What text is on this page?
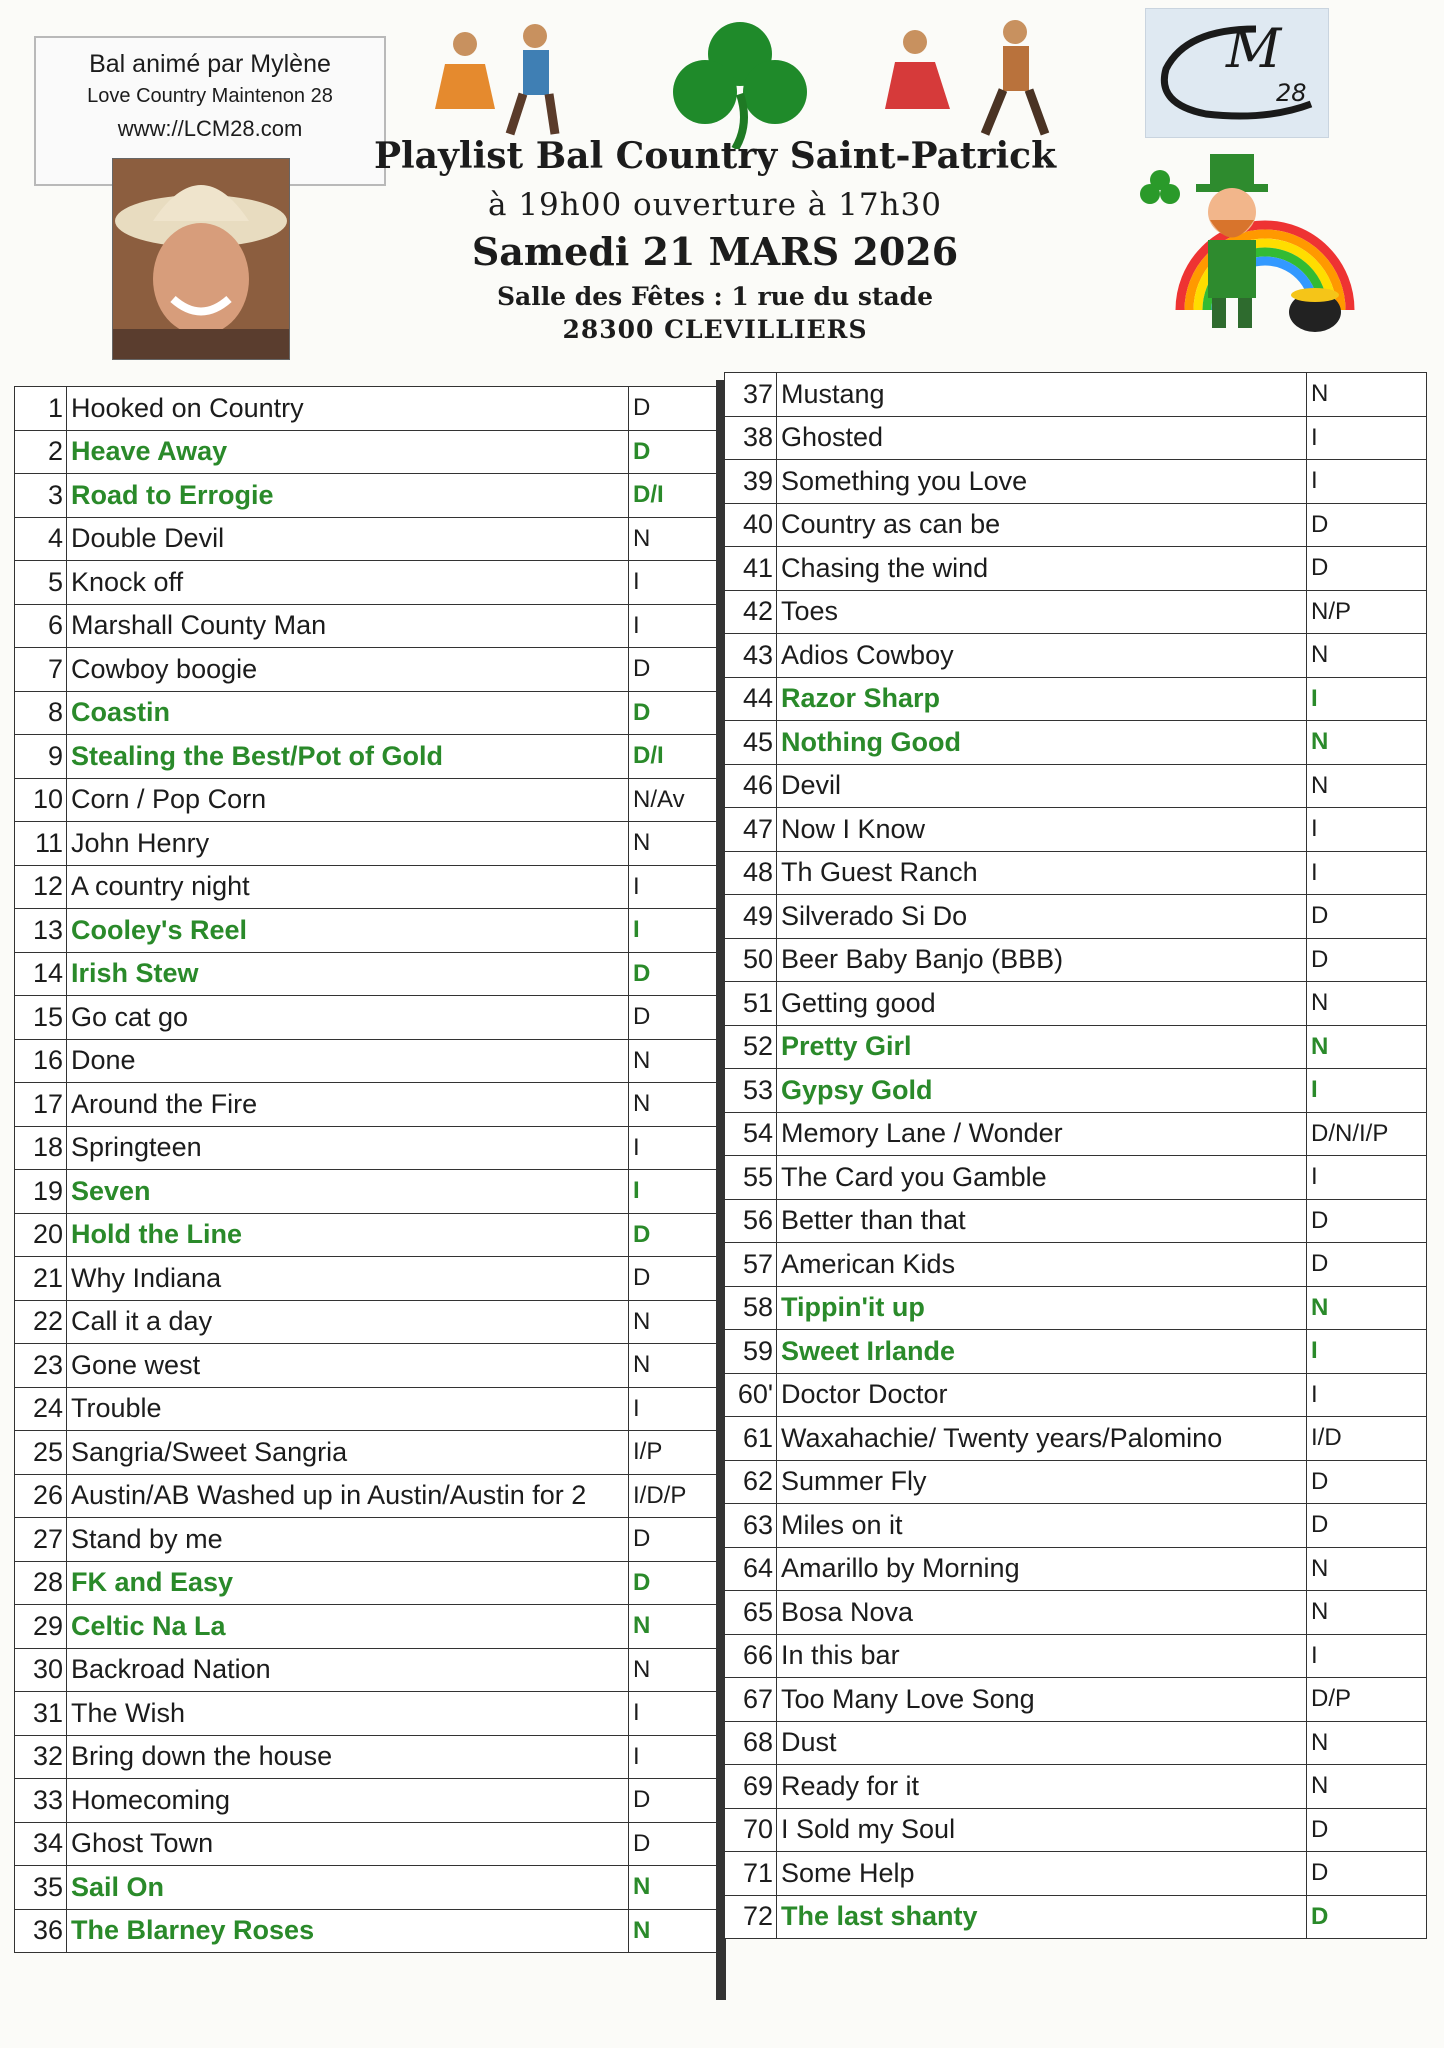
Bal animé par Mylène
Love Country Maintenon 28
www://LCM28.com
M
28
Playlist Bal Country Saint-Patrick
à 19h00 ouverture à 17h30
Samedi 21 MARS 2026
Salle des Fêtes : 1 rue du stade
28300 CLEVILLIERS
1	Hooked on Country	D
2	Heave Away	D
3	Road to Errogie	D/I
4	Double Devil	N
5	Knock off	I
6	Marshall County Man	I
7	Cowboy boogie	D
8	Coastin	D
9	Stealing the Best/Pot of Gold	D/I
10	Corn / Pop Corn	N/Av
11	John Henry	N
12	A country night	I
13	Cooley's Reel	I
14	Irish Stew	D
15	Go cat go	D
16	Done	N
17	Around the Fire	N
18	Springteen	I
19	Seven	I
20	Hold the Line	D
21	Why Indiana	D
22	Call it a day	N
23	Gone west	N
24	Trouble	I
25	Sangria/Sweet Sangria	I/P
26	Austin/AB Washed up in Austin/Austin for 2	I/D/P
27	Stand by me	D
28	FK and Easy	D
29	Celtic Na La	N
30	Backroad Nation	N
31	The Wish	I
32	Bring down the house	I
33	Homecoming	D
34	Ghost Town	D
35	Sail On	N
36	The Blarney Roses	N
37	Mustang	N
38	Ghosted	I
39	Something you Love	I
40	Country as can be	D
41	Chasing the wind	D
42	Toes	N/P
43	Adios Cowboy	N
44	Razor Sharp	I
45	Nothing Good	N
46	Devil	N
47	Now I Know	I
48	Th Guest Ranch	I
49	Silverado Si Do	D
50	Beer Baby Banjo (BBB)	D
51	Getting good	N
52	Pretty Girl	N
53	Gypsy Gold	I
54	Memory Lane / Wonder	D/N/I/P
55	The Card you Gamble	I
56	Better than that	D
57	American Kids	D
58	Tippin'it up	N
59	Sweet Irlande	I
60'	Doctor Doctor	I
61	Waxahachie/ Twenty years/Palomino	I/D
62	Summer Fly	D
63	Miles on it	D
64	Amarillo by Morning	N
65	Bosa Nova	N
66	In this bar	I
67	Too Many Love Song	D/P
68	Dust	N
69	Ready for it	N
70	I Sold my Soul	D
71	Some Help	D
72	The last shanty	D
